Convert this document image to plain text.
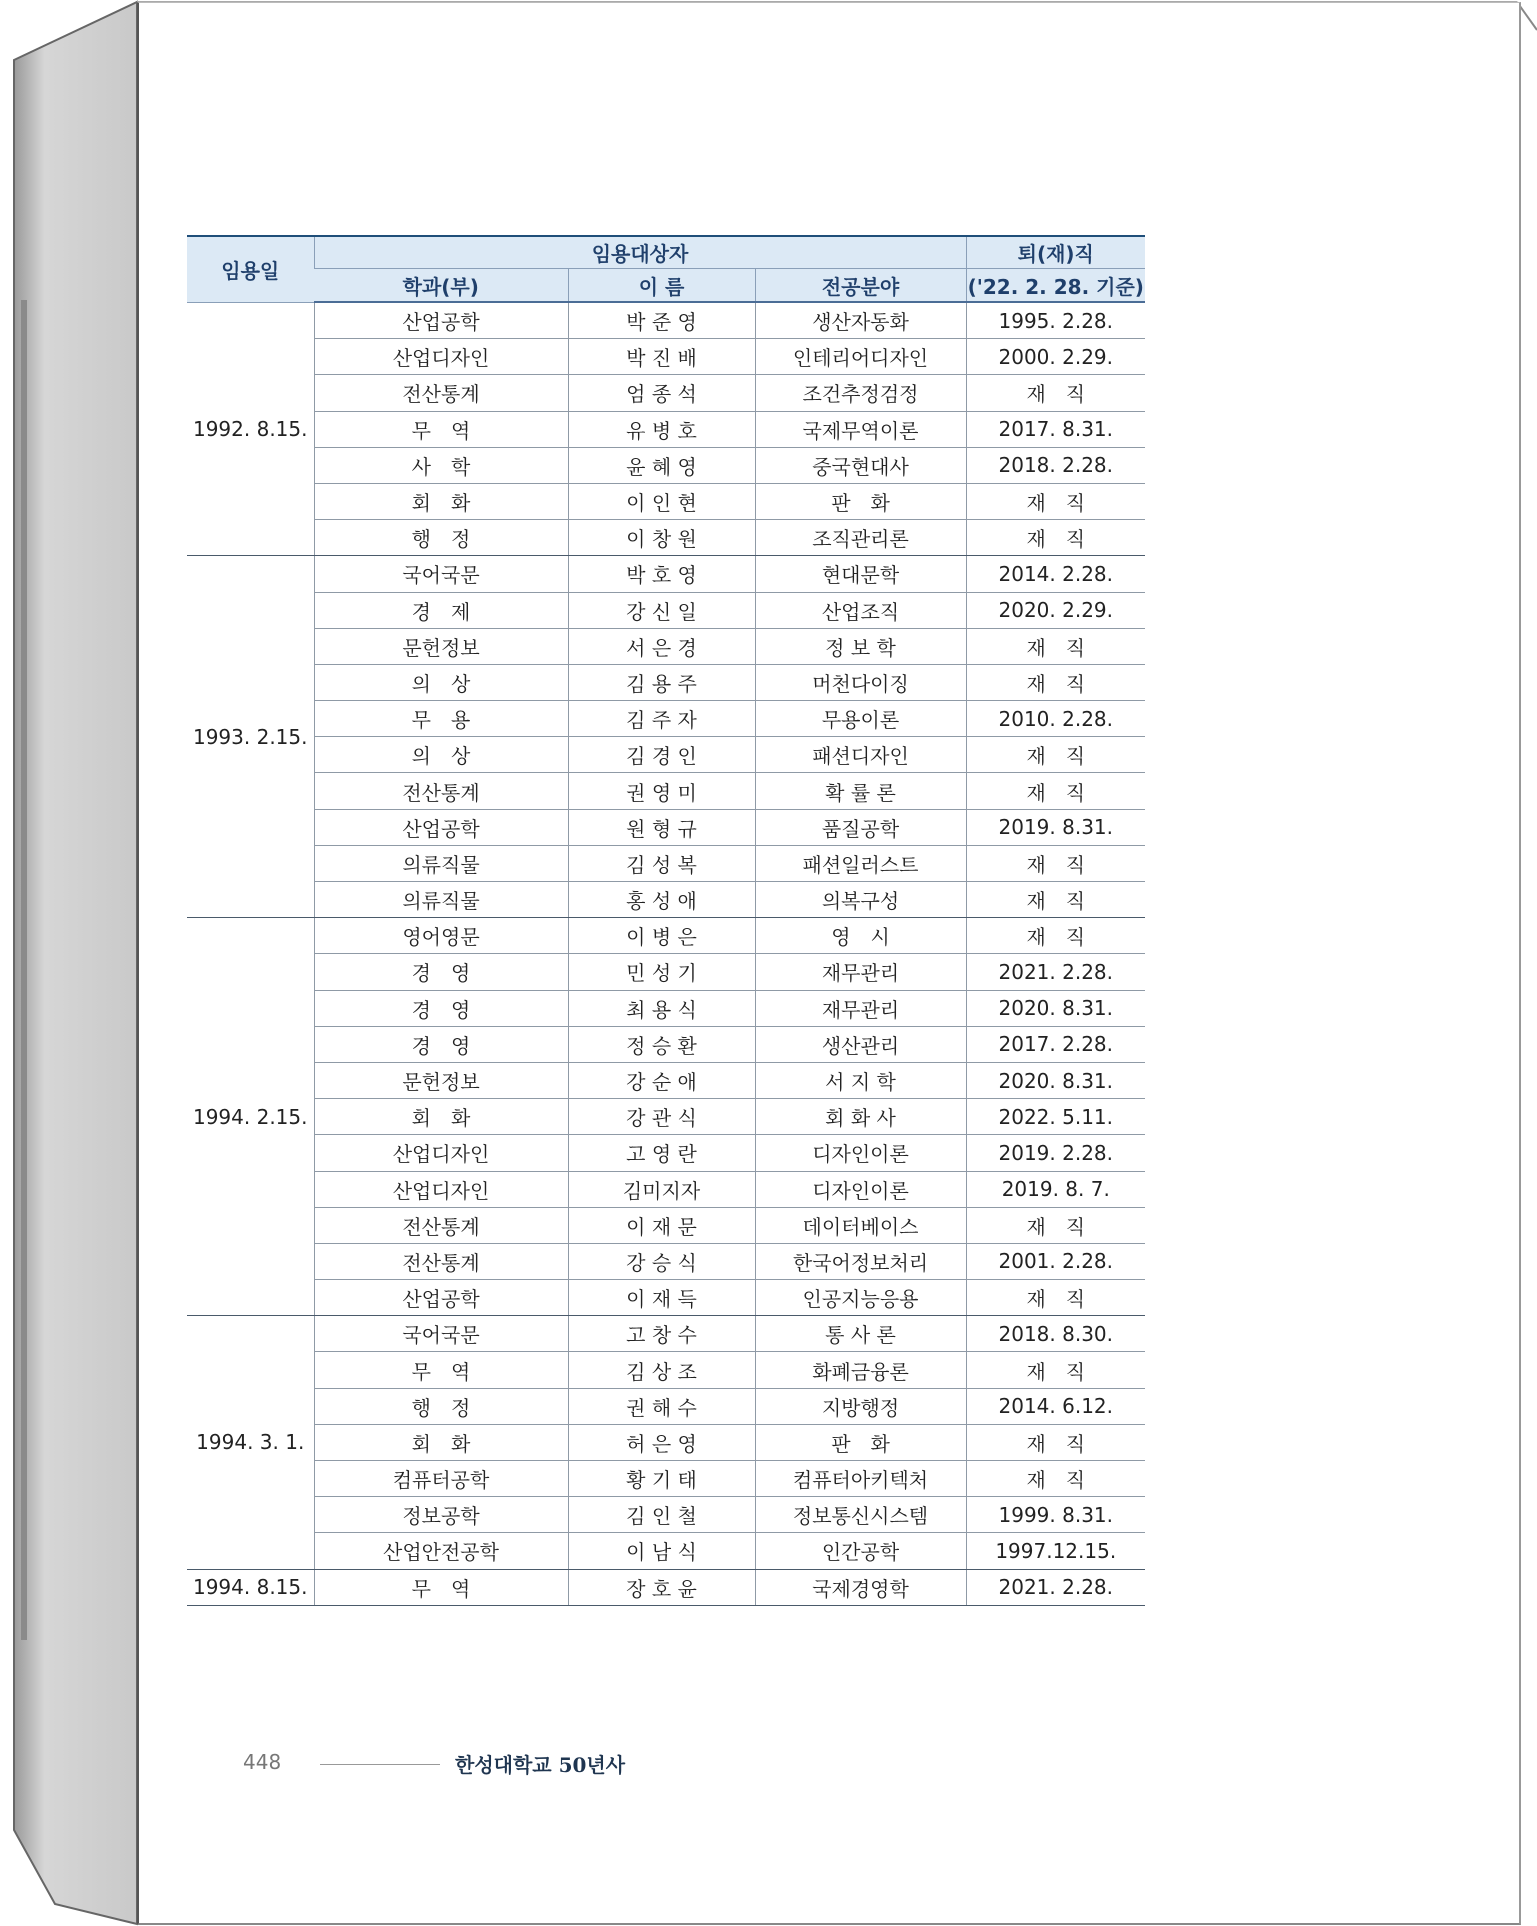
임용일	임용대상자			퇴(재)직
	학과(부)	이 름	전공분야	('22. 2. 28. 기준)
1992. 8.15.	산업공학	박 준 영	생산자동화	1995. 2.28.
	산업디자인	박 진 배	인테리어디자인	2000. 2.29.
	전산통계	엄 종 석	조건추정검정	재　직
	무　역	유 병 호	국제무역이론	2017. 8.31.
	사　학	윤 혜 영	중국현대사	2018. 2.28.
	회　화	이 인 현	판　화	재　직
	행　정	이 창 원	조직관리론	재　직
1993. 2.15.	국어국문	박 호 영	현대문학	2014. 2.28.
	경　제	강 신 일	산업조직	2020. 2.29.
	문헌정보	서 은 경	정 보 학	재　직
	의　상	김 용 주	머천다이징	재　직
	무　용	김 주 자	무용이론	2010. 2.28.
	의　상	김 경 인	패션디자인	재　직
	전산통계	권 영 미	확 률 론	재　직
	산업공학	원 형 규	품질공학	2019. 8.31.
	의류직물	김 성 복	패션일러스트	재　직
	의류직물	홍 성 애	의복구성	재　직
1994. 2.15.	영어영문	이 병 은	영　시	재　직
	경　영	민 성 기	재무관리	2021. 2.28.
	경　영	최 용 식	재무관리	2020. 8.31.
	경　영	정 승 환	생산관리	2017. 2.28.
	문헌정보	강 순 애	서 지 학	2020. 8.31.
	회　화	강 관 식	회 화 사	2022. 5.11.
	산업디자인	고 영 란	디자인이론	2019. 2.28.
	산업디자인	김미지자	디자인이론	2019. 8. 7.
	전산통계	이 재 문	데이터베이스	재　직
	전산통계	강 승 식	한국어정보처리	2001. 2.28.
	산업공학	이 재 득	인공지능응용	재　직
1994. 3. 1.	국어국문	고 창 수	통 사 론	2018. 8.30.
	무　역	김 상 조	화폐금융론	재　직
	행　정	권 해 수	지방행정	2014. 6.12.
	회　화	허 은 영	판　화	재　직
	컴퓨터공학	황 기 태	컴퓨터아키텍처	재　직
	정보공학	김 인 철	정보통신시스템	1999. 8.31.
	산업안전공학	이 남 식	인간공학	1997.12.15.
1994. 8.15.	무　역	장 호 윤	국제경영학	2021. 2.28.
448	한성대학교 50년사
